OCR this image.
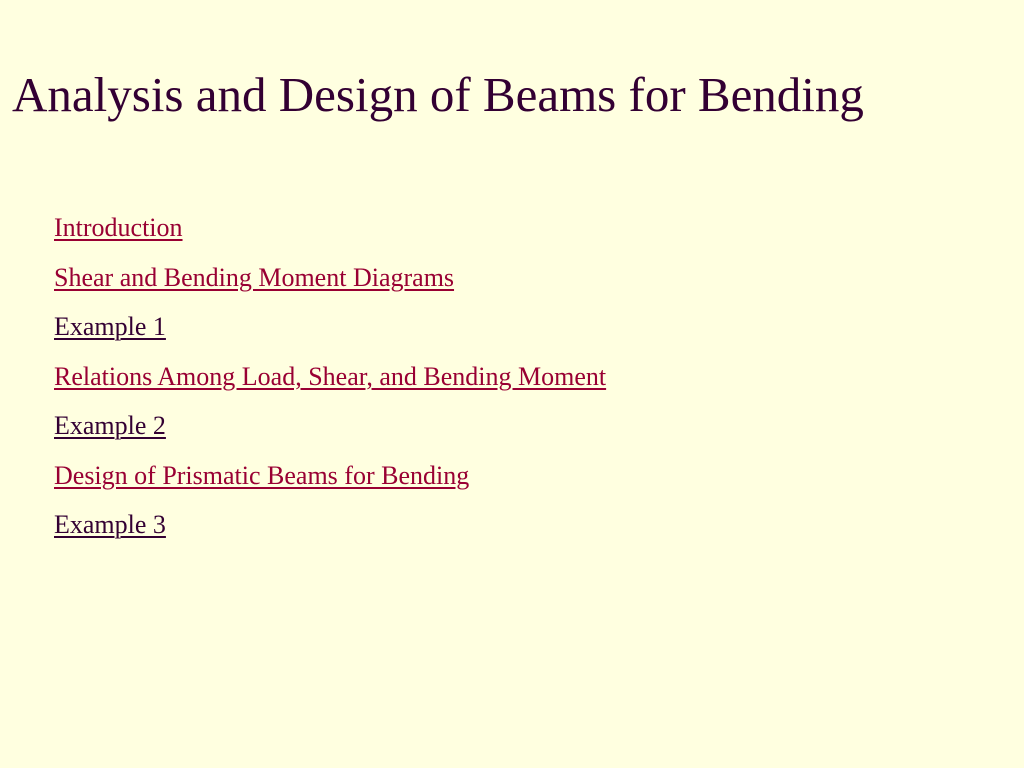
Analysis and Design of Beams for Bending
Introduction
Shear and Bending Moment Diagrams
Example 1
Relations Among Load, Shear, and Bending Moment
Example 2
Design of Prismatic Beams for Bending
Example 3
